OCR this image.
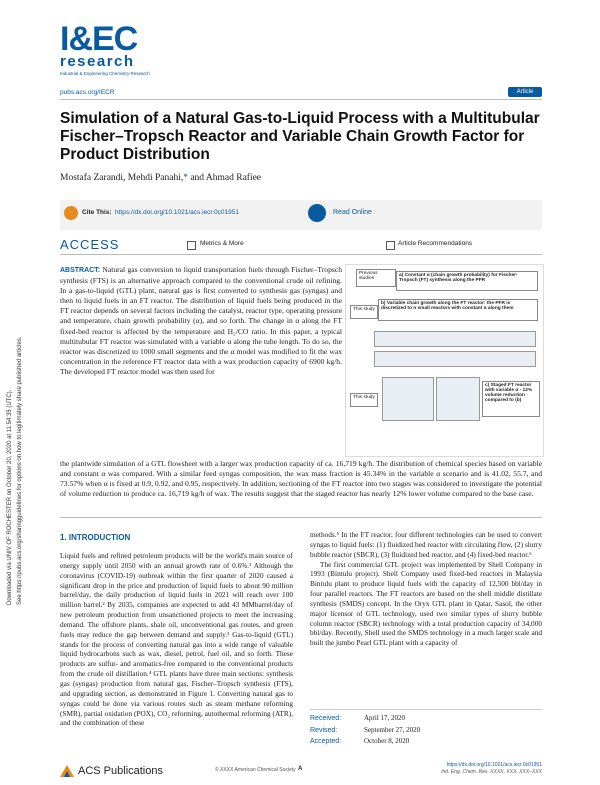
Downloaded via UNIV OF ROCHESTER on October 20, 2020 at 11:54:35 (UTC). See https://pubs.acs.org/sharingguidelines for options on how to legitimately share published articles.
I&EC
research
Industrial & Engineering Chemistry Research
pubs.acs.org/IECR	Article
Simulation of a Natural Gas-to-Liquid Process with a Multitubular Fischer–Tropsch Reactor and Variable Chain Growth Factor for Product Distribution
Mostafa Zarandi, Mehdi Panahi,* and Ahmad Rafiee
Cite This: https://dx.doi.org/10.1021/acs.iecr.0c01951	Read Online
ACCESS	Metrics & More	Article Recommendations
ABSTRACT: Natural gas conversion to liquid transportation fuels through Fischer–Tropsch synthesis (FTS) is an alternative approach compared to the conventional crude oil refining. In a gas-to-liquid (GTL) plant, natural gas is first converted to synthesis gas (syngas) and then to liquid fuels in an FT reactor. The distribution of liquid fuels being produced in the FT reactor depends on several factors including the catalyst, reactor type, operating pressure and temperature, chain growth probability (α), and so forth. The change in α along the FT fixed-bed reactor is affected by the temperature and H₂/CO ratio. In this paper, a typical multitubular FT reactor was simulated with a variable α along the tube length. To do so, the reactor was discretized to 1000 small segments and the α model was modified to fit the wax concentration in the reference FT reactor data with a wax production capacity of 6900 kg/h. The developed FT reactor model was then used for
Previous studies
a) Constant α (chain growth probability) for Fischer-Tropsch (FT) synthesis along the PFR
This study
b) Variable chain growth along the FT reactor: the PFR is discretized to n small reactors with constant α along them
This study
c) Staged FT reactor with variable α - 12% volume reduction compared to (b)
the plantwide simulation of a GTL flowsheet with a larger wax production capacity of ca. 16,719 kg/h. The distribution of chemical species based on variable and constant α was compared. With a similar feed syngas composition, the wax mass fraction is 45.34% in the variable α scenario and is 41.02, 55.7, and 73.57% when α is fixed at 0.9, 0.92, and 0.95, respectively. In addition, sectioning of the FT reactor into two stages was considered to investigate the potential of volume reduction to produce ca. 16,719 kg/h of wax. The results suggest that the staged reactor has nearly 12% lower volume compared to the base case.
1. INTRODUCTION
Liquid fuels and refined petroleum products will be the world's main source of energy supply until 2050 with an annual growth rate of 0.6%.¹ Although the coronavirus (COVID-19) outbreak within the first quarter of 2020 caused a significant drop in the price and production of liquid fuels to about 90 million barrel/day, the daily production of liquid fuels in 2021 will reach over 100 million barrel.² By 2035, companies are expected to add 43 MMbarrel/day of new petroleum production from unsanctioned projects to meet the increasing demand. The offshore plants, shale oil, unconventional gas routes, and green fuels may reduce the gap between demand and supply.³ Gas-to-liquid (GTL) stands for the process of converting natural gas into a wide range of valuable liquid hydrocarbons such as wax, diesel, petrol, fuel oil, and so forth. These products are sulfur- and aromatics-free compared to the conventional products from the crude oil distillation.⁴ GTL plants have three main sections: synthesis gas (syngas) production from natural gas, Fischer–Tropsch synthesis (FTS), and upgrading section, as demonstrated in Figure 1. Converting natural gas to syngas could be done via various routes such as steam methane reforming (SMR), partial oxidation (POX), CO₂ reforming, autothermal reforming (ATR), and the combination of these
methods.⁵ In the FT reactor, four different technologies can be used to convert syngas to liquid fuels: (1) fluidized bed reactor with circulating flow, (2) slurry bubble reactor (SBCR), (3) fluidized bed reactor, and (4) fixed-bed reactor.⁶
The first commercial GTL project was implemented by Shell Company in 1993 (Bintulu project). Shell Company used fixed-bed reactors in Malaysia Bintulu plant to produce liquid fuels with the capacity of 12,500 bbl/day in four parallel reactors. The FT reactors are based on the shell middle distillate synthesis (SMDS) concept. In the Oryx GTL plant in Qatar, Sasol, the other major licensor of GTL technology, used two similar types of slurry bubble column reactor (SBCR) technology with a total production capacity of 34,000 bbl/day. Recently, Shell used the SMDS technology in a much larger scale and built the jumbo Pearl GTL plant with a capacity of
Received:	April 17, 2020
Revised:	September 27, 2020
Accepted:	October 8, 2020
ACS Publications	© XXXX American Chemical Society A
https://dx.doi.org/10.1021/acs.iecr.0c01951
Ind. Eng. Chem. Res. XXXX, XXX, XXX–XXX
